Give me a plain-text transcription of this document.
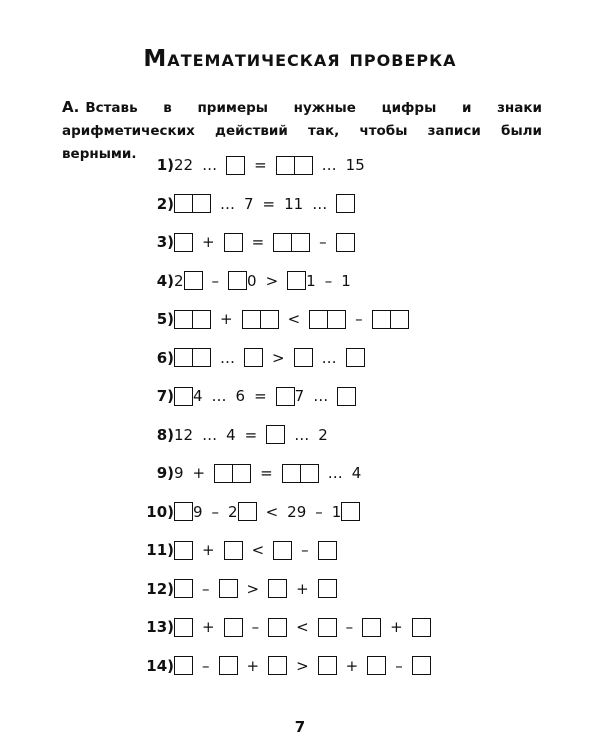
Математическая проверка
А. Вставь в примеры нужные цифры и знаки арифметических действий так, чтобы записи были верными.
1) 22 … =	… 15
2)	… 7 = 11 …
3) + =	–
4) 2 – 0 > 1 – 1
5)	+	<	–
6)	… > …
7) 4 … 6 = 7 …
8) 12 … 4 = … 2
9) 9 +	=	… 4
10) 9 – 2 < 29 – 1
11) + < –
12) – > +
13) + – < – +
14) – + > + –
7
